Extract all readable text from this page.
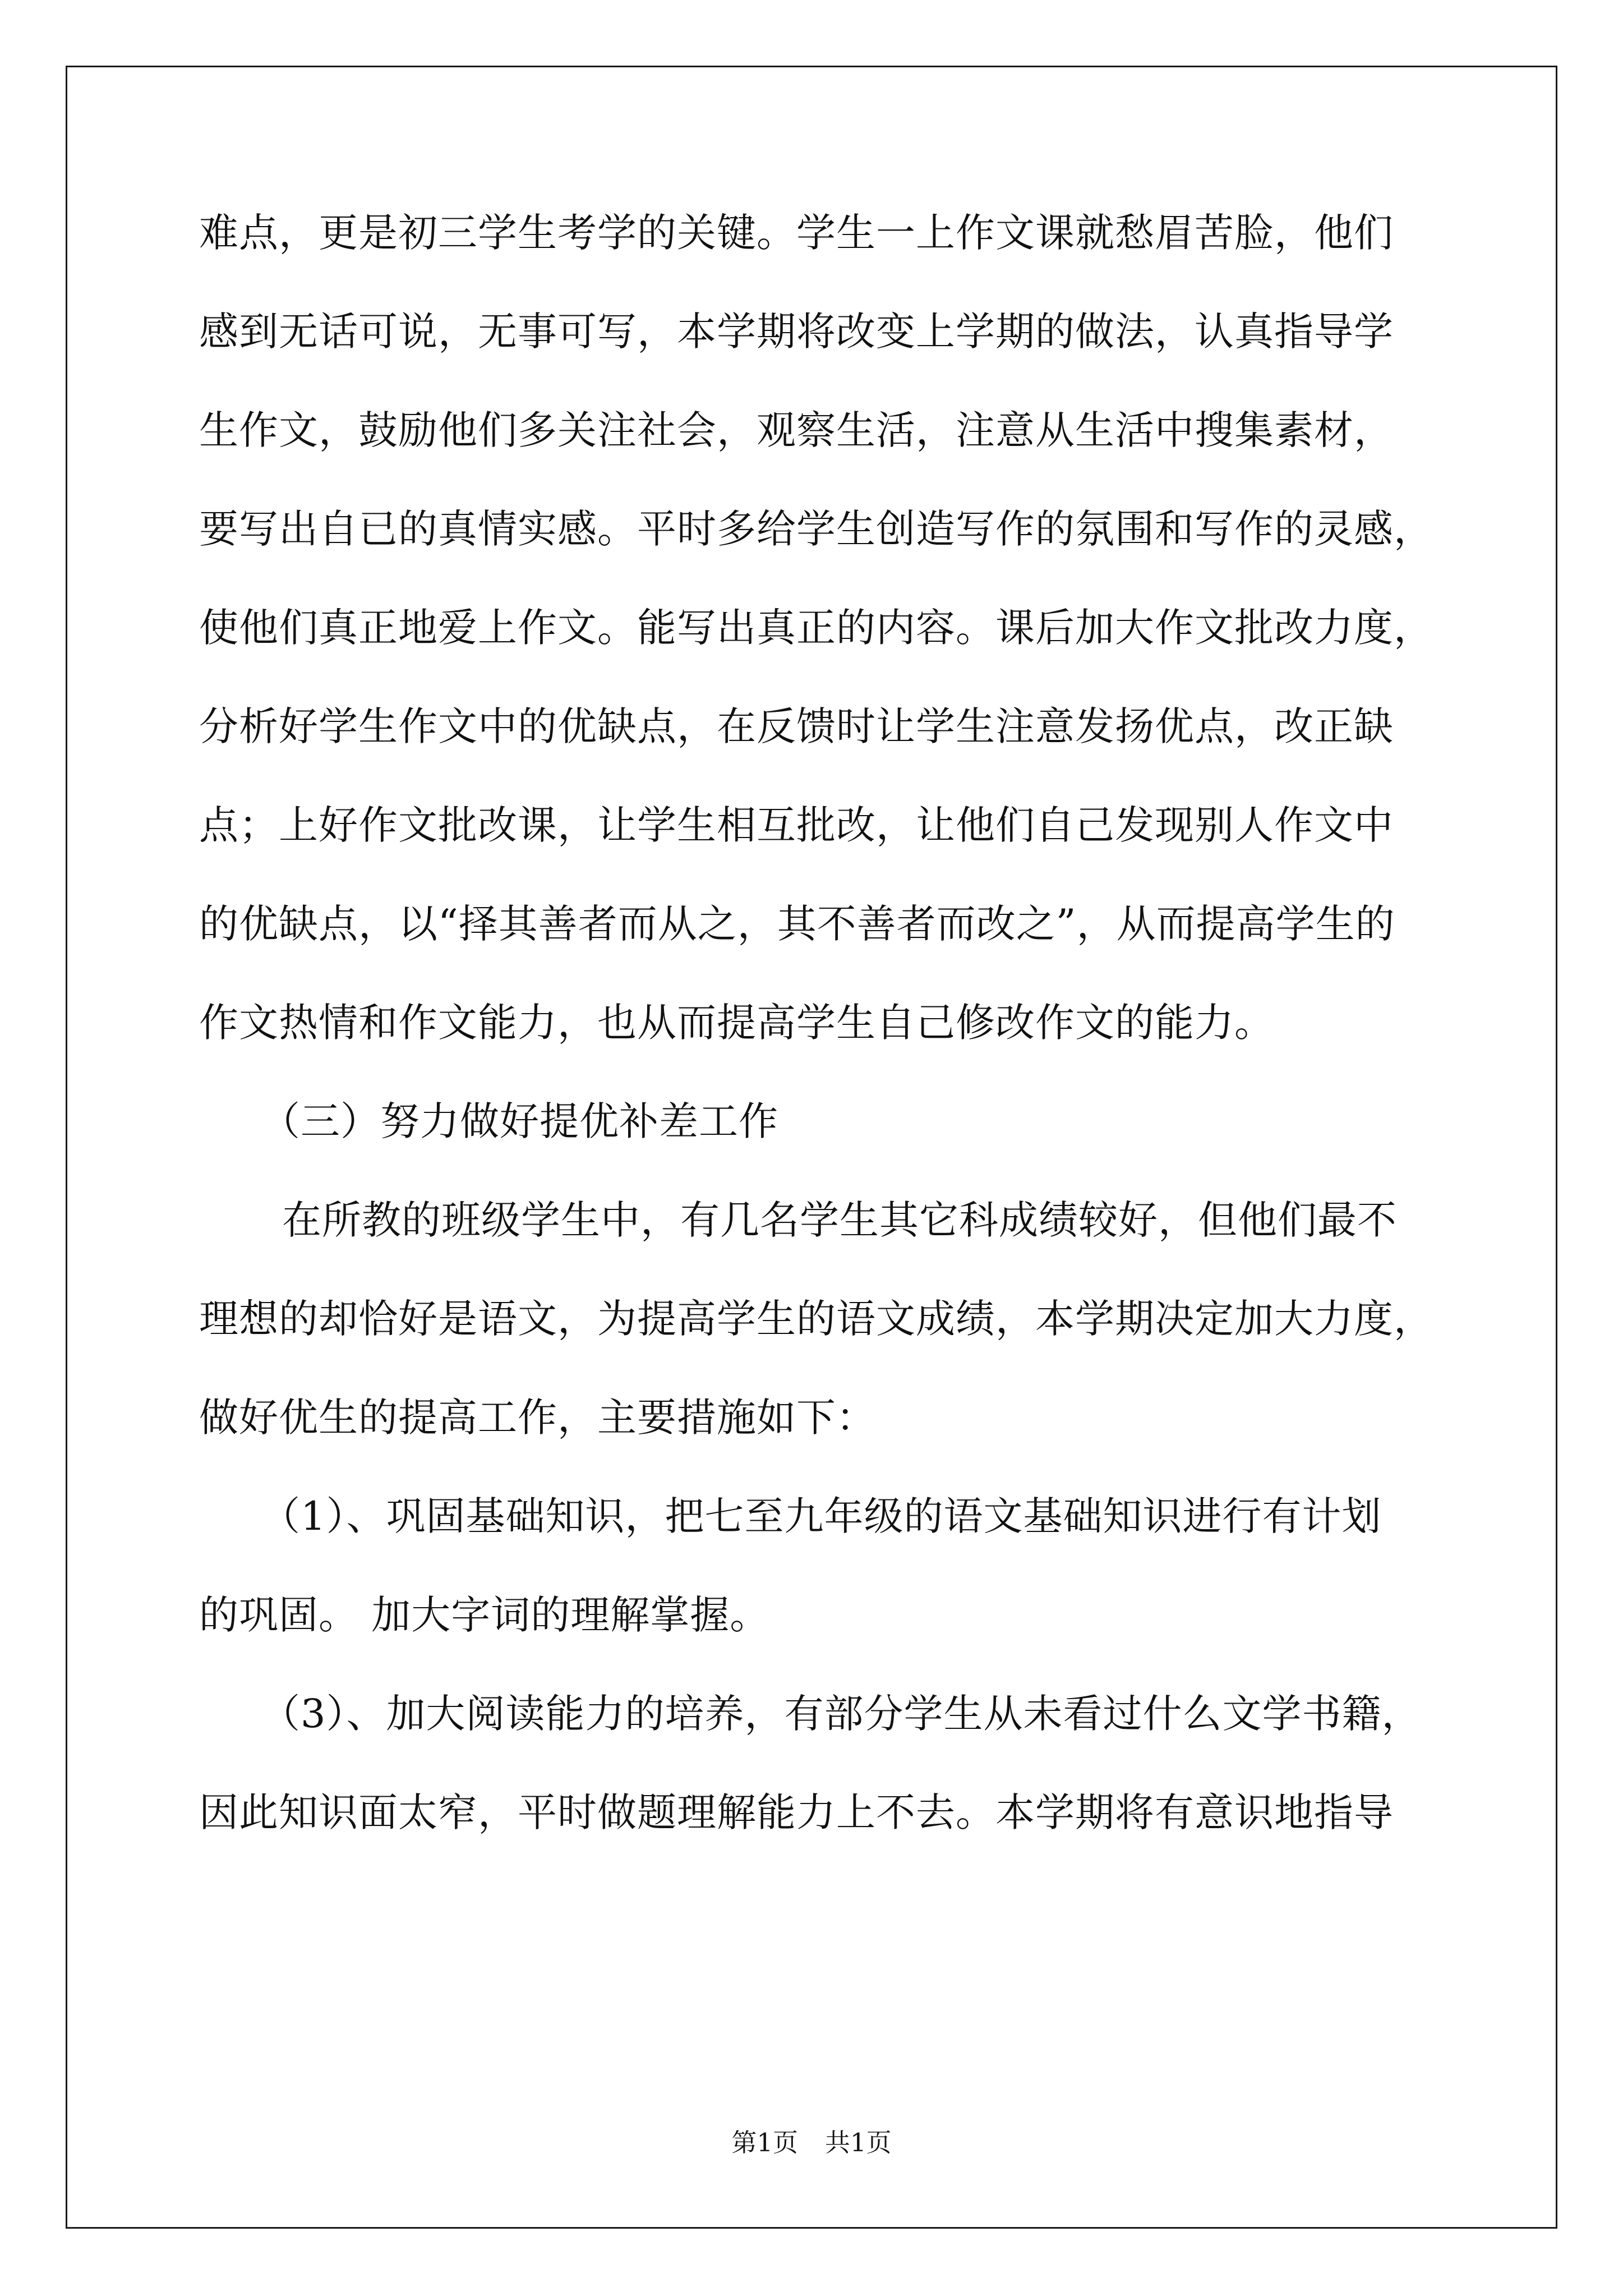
难点，更是初三学生考学的关键。学生一上作文课就愁眉苦脸，他们
感到无话可说，无事可写，本学期将改变上学期的做法，认真指导学
生作文，鼓励他们多关注社会，观察生活，注意从生活中搜集素材，
要写出自已的真情实感。平时多给学生创造写作的氛围和写作的灵感，
使他们真正地爱上作文。能写出真正的内容。课后加大作文批改力度，
分析好学生作文中的优缺点，在反馈时让学生注意发扬优点，改正缺
点；上好作文批改课，让学生相互批改，让他们自己发现别人作文中
的优缺点，以“择其善者而从之，其不善者而改之”，从而提高学生的
作文热情和作文能力，也从而提高学生自己修改作文的能力。
（三）努力做好提优补差工作
在所教的班级学生中，有几名学生其它科成绩较好，但他们最不
理想的却恰好是语文，为提高学生的语文成绩，本学期决定加大力度，
做好优生的提高工作，主要措施如下：
（1）、巩固基础知识，把七至九年级的语文基础知识进行有计划
的巩固。 加大字词的理解掌握。
（3）、加大阅读能力的培养，有部分学生从未看过什么文学书籍，
因此知识面太窄，平时做题理解能力上不去。本学期将有意识地指导
第1页 共1页
